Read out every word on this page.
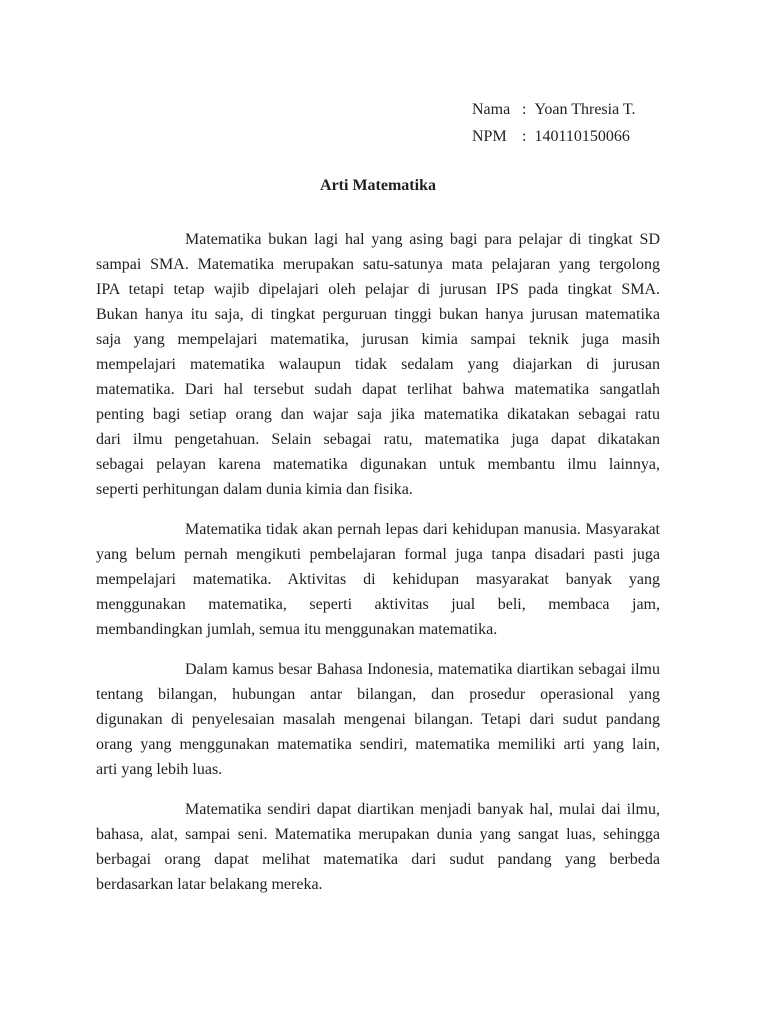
Nama : Yoan Thresia T.
NPM : 140110150066
Arti Matematika
Matematika bukan lagi hal yang asing bagi para pelajar di tingkat SD
sampai SMA. Matematika merupakan satu-satunya mata pelajaran yang tergolong
IPA tetapi tetap wajib dipelajari oleh pelajar di jurusan IPS pada tingkat SMA.
Bukan hanya itu saja, di tingkat perguruan tinggi bukan hanya jurusan matematika
saja yang mempelajari matematika, jurusan kimia sampai teknik juga masih
mempelajari matematika walaupun tidak sedalam yang diajarkan di jurusan
matematika. Dari hal tersebut sudah dapat terlihat bahwa matematika sangatlah
penting bagi setiap orang dan wajar saja jika matematika dikatakan sebagai ratu
dari ilmu pengetahuan. Selain sebagai ratu, matematika juga dapat dikatakan
sebagai pelayan karena matematika digunakan untuk membantu ilmu lainnya,
seperti perhitungan dalam dunia kimia dan fisika.
Matematika tidak akan pernah lepas dari kehidupan manusia. Masyarakat
yang belum pernah mengikuti pembelajaran formal juga tanpa disadari pasti juga
mempelajari matematika. Aktivitas di kehidupan masyarakat banyak yang
menggunakan matematika, seperti aktivitas jual beli, membaca jam,
membandingkan jumlah, semua itu menggunakan matematika.
Dalam kamus besar Bahasa Indonesia, matematika diartikan sebagai ilmu
tentang bilangan, hubungan antar bilangan, dan prosedur operasional yang
digunakan di penyelesaian masalah mengenai bilangan. Tetapi dari sudut pandang
orang yang menggunakan matematika sendiri, matematika memiliki arti yang lain,
arti yang lebih luas.
Matematika sendiri dapat diartikan menjadi banyak hal, mulai dai ilmu,
bahasa, alat, sampai seni. Matematika merupakan dunia yang sangat luas, sehingga
berbagai orang dapat melihat matematika dari sudut pandang yang berbeda
berdasarkan latar belakang mereka.
